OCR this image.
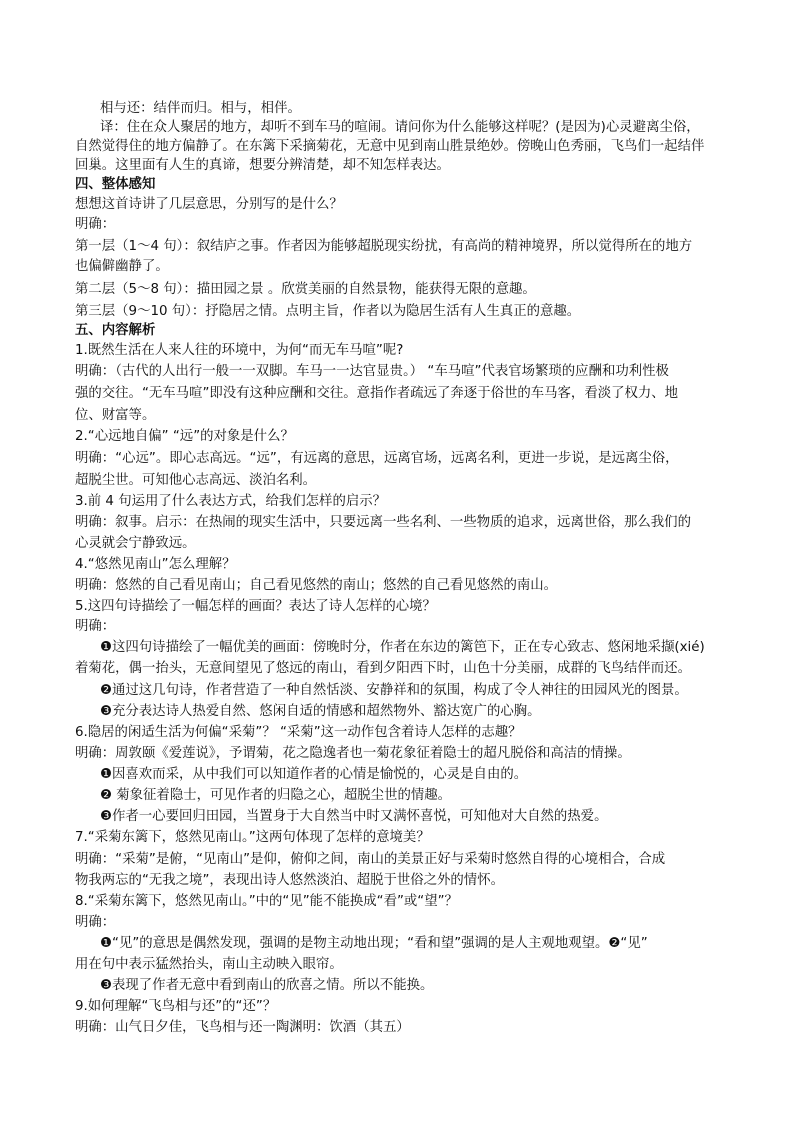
相与还：结伴而归。相与，相伴。
译：住在众人聚居的地方，却听不到车马的喧闹。请问你为什么能够这样呢？(是因为)心灵避离尘俗，
自然觉得住的地方偏静了。在东篱下采摘菊花，无意中见到南山胜景绝妙。傍晚山色秀丽，飞鸟们一起结伴
回巢。这里面有人生的真谛，想要分辨清楚，却不知怎样表达。
四、整体感知
想想这首诗讲了几层意思，分别写的是什么？
明确：
第一层（1～4 句）：叙结庐之事。作者因为能够超脱现实纷扰，有高尚的精神境界，所以觉得所在的地方
也偏僻幽静了。
第二层（5～8 句）：描田园之景 。欣赏美丽的自然景物，能获得无限的意趣。
第三层（9～10 句）：抒隐居之情。点明主旨，作者以为隐居生活有人生真正的意趣。
五、内容解析
1.既然生活在人来人往的环境中，为何“而无车马喧”呢?
明确：（古代的人出行一般一一双脚。车马一一达官显贵。） “车马喧”代表官场繁琐的应酬和功利性极
强的交往。“无车马喧”即没有这种应酬和交往。意指作者疏远了奔逐于俗世的车马客，看淡了权力、地
位、财富等。
2.“心远地自偏” “远”的对象是什么？
明确：“心远”。即心志高远。“远”，有远离的意思，远离官场，远离名利，更进一步说，是远离尘俗，
超脱尘世。可知他心志高远、淡泊名利。
3.前 4 句运用了什么表达方式，给我们怎样的启示？
明确：叙事。启示：在热闹的现实生活中，只要远离一些名利、一些物质的追求，远离世俗，那么我们的
心灵就会宁静致远。
4.“悠然见南山”怎么理解？
明确：悠然的自己看见南山；自己看见悠然的南山；悠然的自己看见悠然的南山。
5.这四句诗描绘了一幅怎样的画面？表达了诗人怎样的心境？
明确：
❶这四句诗描绘了一幅优美的画面：傍晚时分，作者在东边的篱笆下，正在专心致志、悠闲地采撷(xié)
着菊花，偶一抬头，无意间望见了悠远的南山，看到夕阳西下时，山色十分美丽，成群的飞鸟结伴而还。
❷通过这几句诗，作者营造了一种自然恬淡、安静祥和的氛围，构成了令人神往的田园风光的图景。
❸充分表达诗人热爱自然、悠闲自适的情感和超然物外、豁达宽广的心胸。
6.隐居的闲适生活为何偏“采菊”？ “采菊”这一动作包含着诗人怎样的志趣？
明确：周敦颐《爱莲说》，予谓菊，花之隐逸者也一菊花象征着隐士的超凡脱俗和高洁的情操。
❶因喜欢而采，从中我们可以知道作者的心情是愉悦的，心灵是自由的。
❷ 菊象征着隐士，可见作者的归隐之心，超脱尘世的情趣。
❸作者一心要回归田园，当置身于大自然当中时又满怀喜悦，可知他对大自然的热爱。
7.“采菊东篱下，悠然见南山。”这两句体现了怎样的意境美？
明确：“采菊”是俯，“见南山”是仰，俯仰之间，南山的美景正好与采菊时悠然自得的心境相合，合成
物我两忘的“无我之境”，表现出诗人悠然淡泊、超脱于世俗之外的情怀。
8.“采菊东篱下，悠然见南山。”中的“见”能不能换成“看”或“望”？
明确：
❶“见”的意思是偶然发现，强调的是物主动地出现；“看和望”强调的是人主观地观望。❷“见”
用在句中表示猛然抬头，南山主动映入眼帘。
❸表现了作者无意中看到南山的欣喜之情。所以不能换。
9.如何理解“飞鸟相与还”的“还”？
明确：山气日夕佳，飞鸟相与还一陶渊明：饮酒（其五）
